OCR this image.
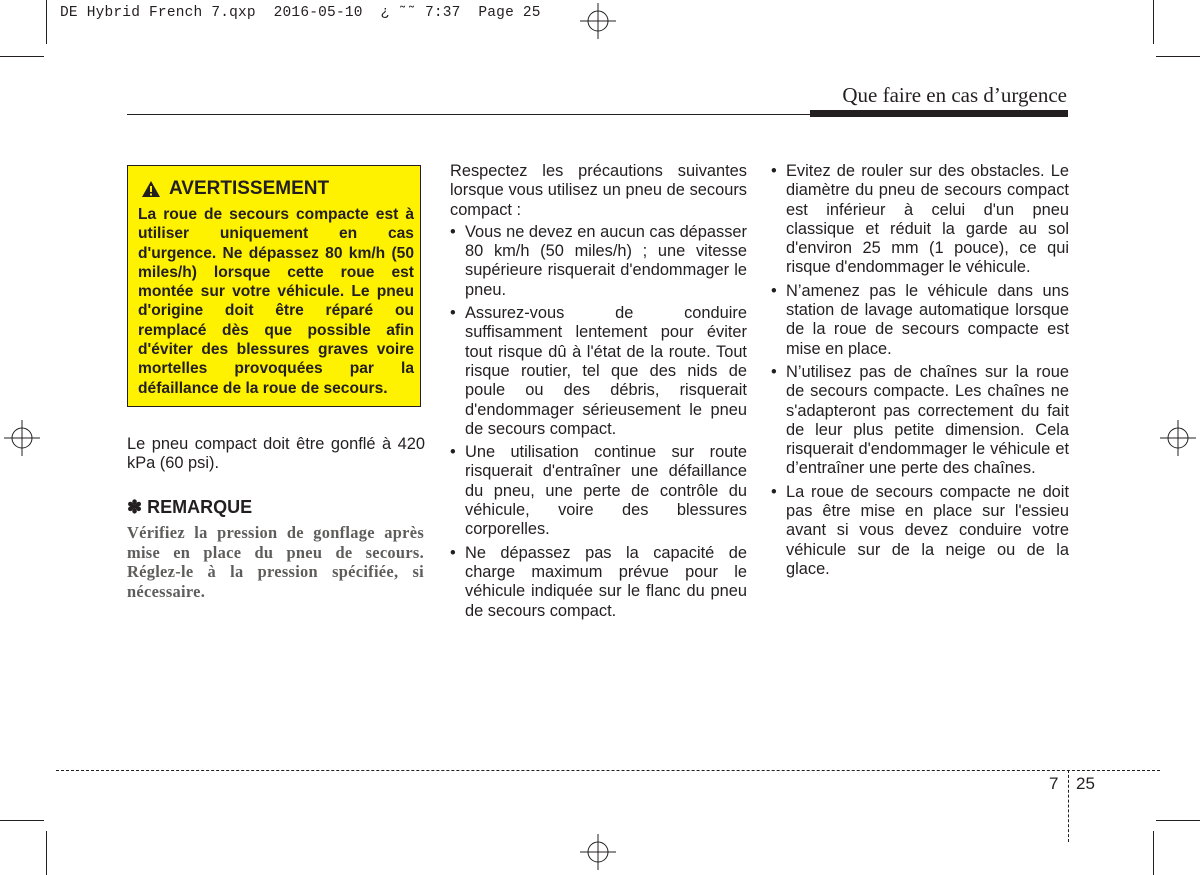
DE Hybrid French 7.qxp  2016-05-10  ¿ ˜˜ 7:37  Page 25
Que faire en cas d’urgence
AVERTISSEMENT

La roue de secours compacte est à utiliser uniquement en cas d'urgence. Ne dépassez 80 km/h (50 miles/h) lorsque cette roue est montée sur votre véhicule. Le pneu d'origine doit être réparé ou remplacé dès que possible afin d'éviter des blessures graves voire mortelles provoquées par la défaillance de la roue de secours.

Le pneu compact doit être gonflé à 420 kPa (60 psi).

✽ REMARQUE

Vérifiez la pression de gonflage après mise en place du pneu de secours. Réglez-le à la pression spécifiée, si nécessaire.

Respectez les précautions suivantes lorsque vous utilisez un pneu de secours compact :

• Vous ne devez en aucun cas dépasser 80 km/h (50 miles/h) ; une vitesse supérieure risquerait d'endommager le pneu.
• Assurez-vous de conduire suffisamment lentement pour éviter tout risque dû à l'état de la route. Tout risque routier, tel que des nids de poule ou des débris, risquerait d'endommager sérieusement le pneu de secours compact.
• Une utilisation continue sur route risquerait d'entraîner une défaillance du pneu, une perte de contrôle du véhicule, voire des blessures corporelles.
• Ne dépassez pas la capacité de charge maximum prévue pour le véhicule indiquée sur le flanc du pneu de secours compact.
• Evitez de rouler sur des obstacles. Le diamètre du pneu de secours compact est inférieur à celui d'un pneu classique et réduit la garde au sol d'environ 25 mm (1 pouce), ce qui risque d'endommager le véhicule.
• N’amenez pas le véhicule dans uns station de lavage automatique lorsque de la roue de secours compacte est mise en place.
• N’utilisez pas de chaînes sur la roue de secours compacte. Les chaînes ne s'adapteront pas correctement du fait de leur plus petite dimension. Cela risquerait d'endommager le véhicule et d’entraîner une perte des chaînes.
• La roue de secours compacte ne doit pas être mise en place sur l'essieu avant si vous devez conduire votre véhicule sur de la neige ou de la glace.
7 25
